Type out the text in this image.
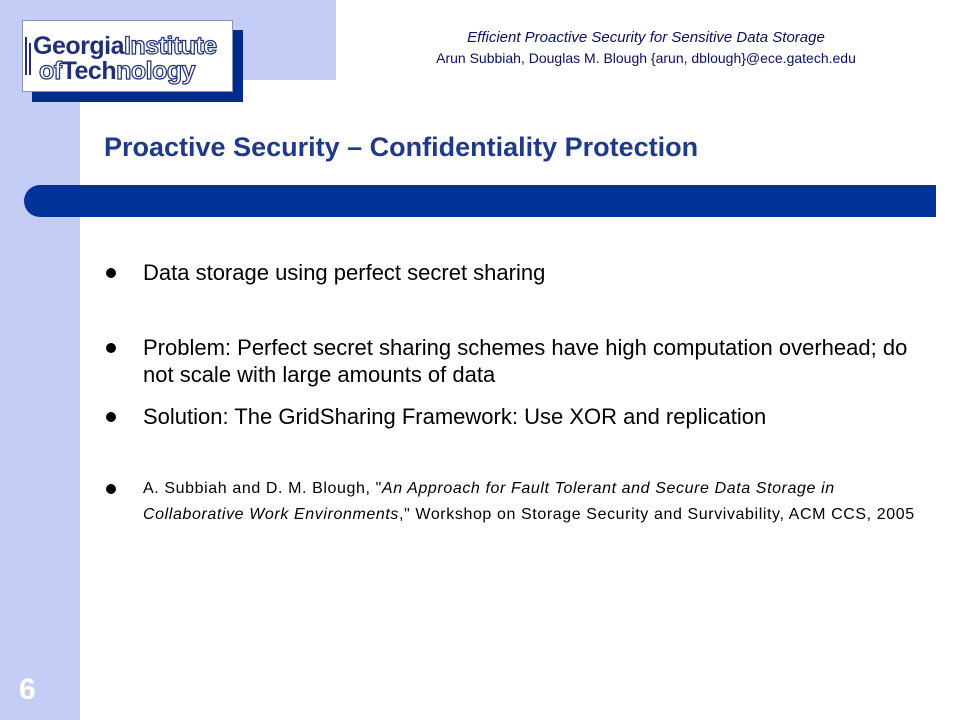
GeorgiaInstitute
ofTechnology
Efficient Proactive Security for Sensitive Data Storage
Arun Subbiah, Douglas M. Blough {arun, dblough}@ece.gatech.edu
Proactive Security – Confidentiality Protection
Data storage using perfect secret sharing
Problem: Perfect secret sharing schemes have high computation overhead; do not scale with large amounts of data
Solution: The GridSharing Framework: Use XOR and replication
A. Subbiah and D. M. Blough, "An Approach for Fault Tolerant and Secure Data Storage in Collaborative Work Environments," Workshop on Storage Security and Survivability, ACM CCS, 2005
6
